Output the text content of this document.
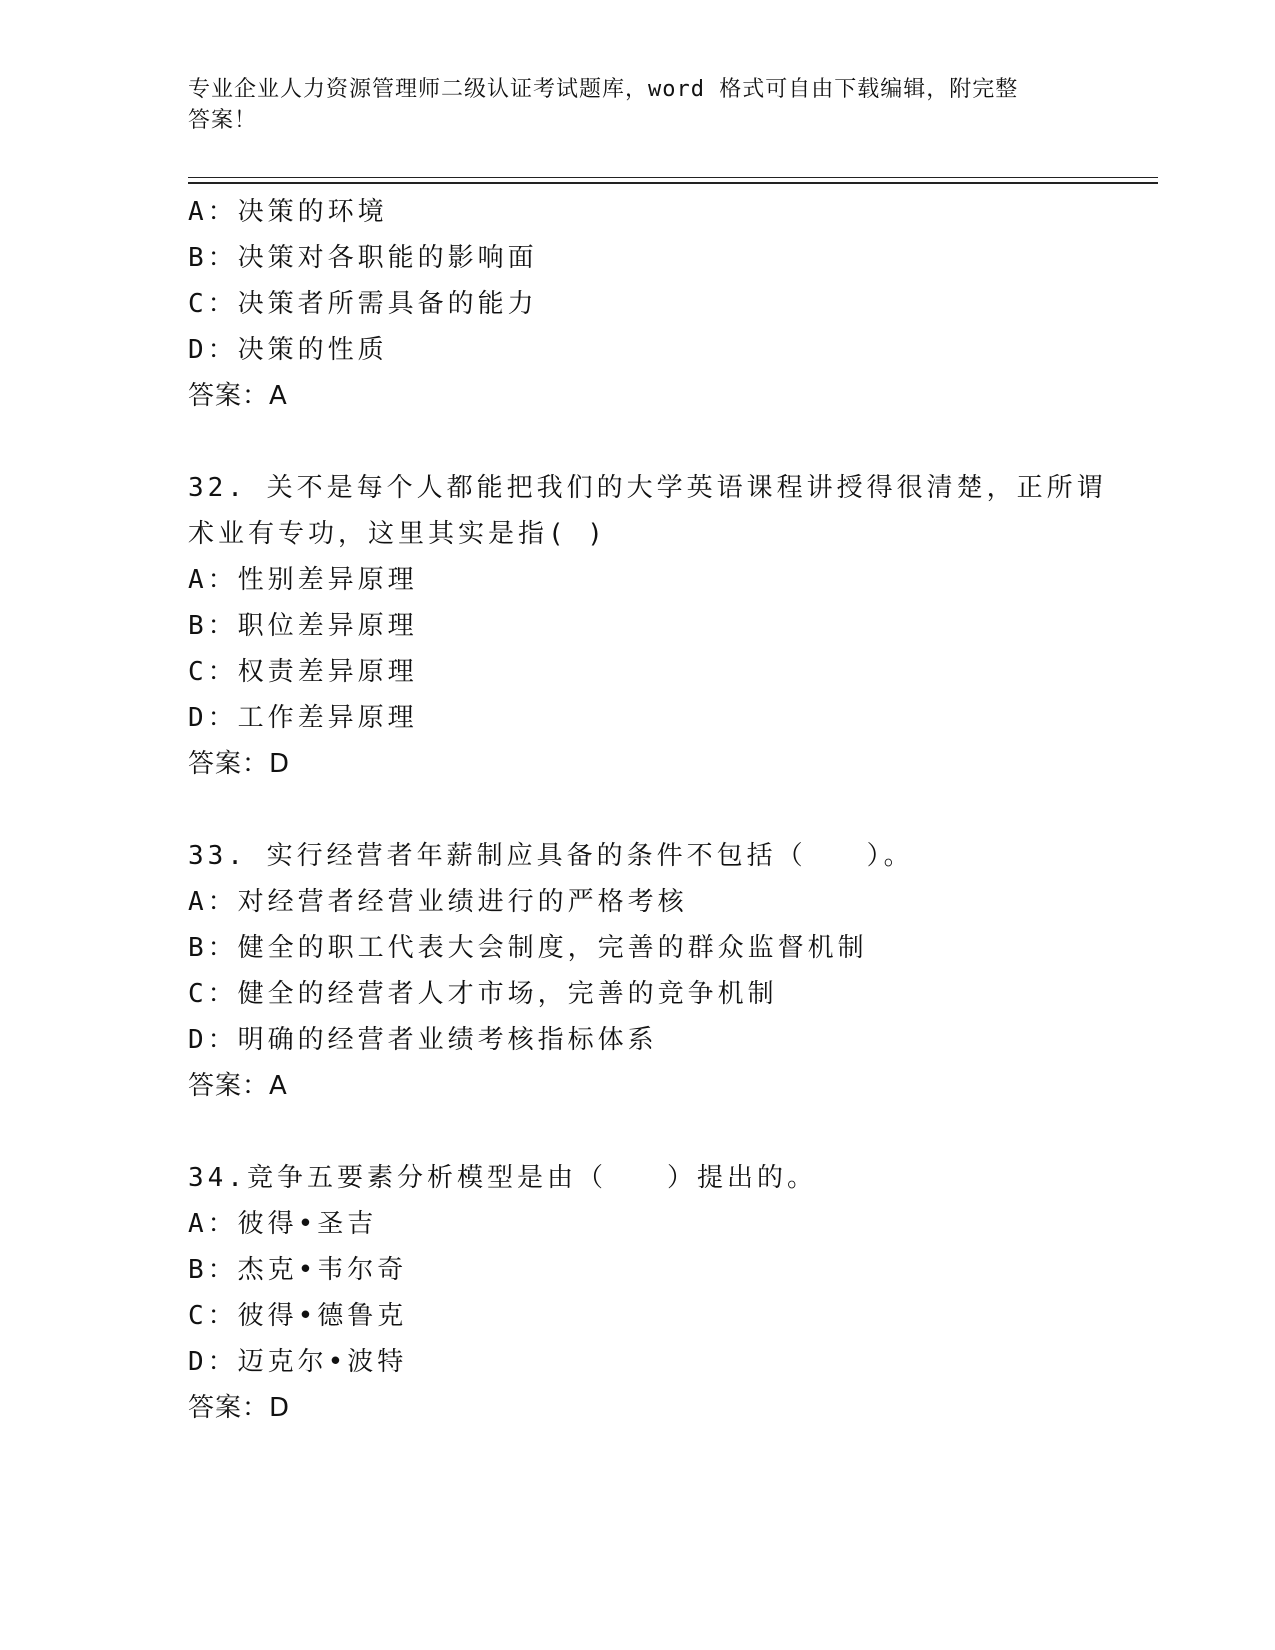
专业企业人力资源管理师二级认证考试题库，word 格式可自由下载编辑，附完整
答案！
A：决策的环境
B：决策对各职能的影响面
C：决策者所需具备的能力
D：决策的性质
答案：A
32. 关不是每个人都能把我们的大学英语课程讲授得很清楚，正所谓
术业有专功，这里其实是指( )
A：性别差异原理
B：职位差异原理
C：权责差异原理
D：工作差异原理
答案：D
33. 实行经营者年薪制应具备的条件不包括（　　）。
A：对经营者经营业绩进行的严格考核
B：健全的职工代表大会制度，完善的群众监督机制
C：健全的经营者人才市场，完善的竞争机制
D：明确的经营者业绩考核指标体系
答案：A
34.竞争五要素分析模型是由（　　）提出的。
A：彼得•圣吉
B：杰克•韦尔奇
C：彼得•德鲁克
D：迈克尔•波特
答案：D
